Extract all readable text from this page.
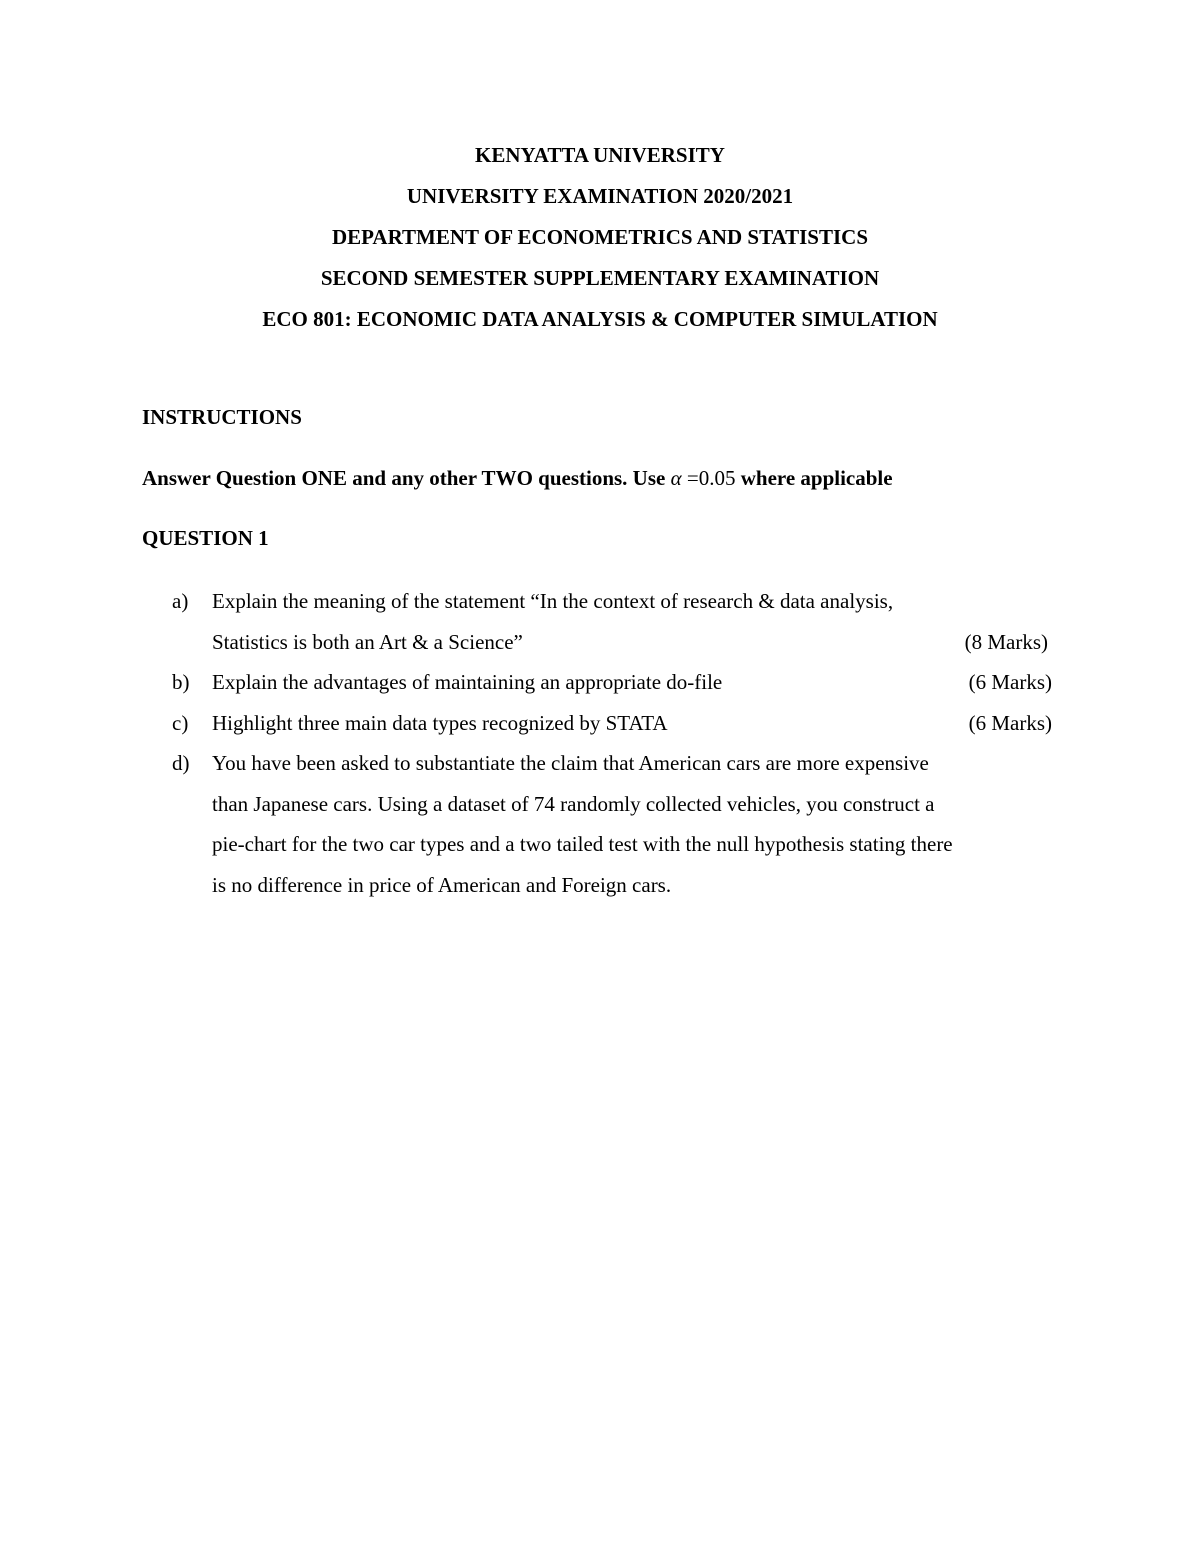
KENYATTA UNIVERSITY
UNIVERSITY EXAMINATION 2020/2021
DEPARTMENT OF ECONOMETRICS AND STATISTICS
SECOND SEMESTER SUPPLEMENTARY EXAMINATION
ECO 801: ECONOMIC DATA ANALYSIS & COMPUTER SIMULATION
INSTRUCTIONS
Answer Question ONE and any other TWO questions. Use α =0.05 where applicable
QUESTION 1
a) Explain the meaning of the statement “In the context of research & data analysis,
Statistics is both an Art & a Science”	(8 Marks)
b) Explain the advantages of maintaining an appropriate do-file	(6 Marks)
c) Highlight three main data types recognized by STATA	(6 Marks)
d) You have been asked to substantiate the claim that American cars are more expensive
than Japanese cars. Using a dataset of 74 randomly collected vehicles, you construct a
pie-chart for the two car types and a two tailed test with the null hypothesis stating there
is no difference in price of American and Foreign cars.
